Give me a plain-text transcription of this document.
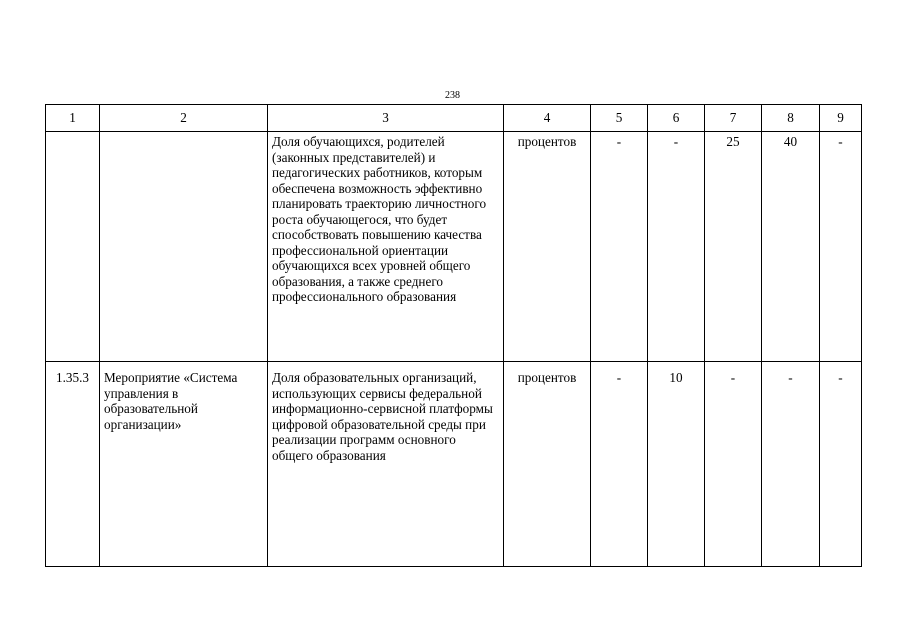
238
1	2	3	4	5	6	7	8	9
		Доля обучающихся, родителей (законных представителей) и педагогических работников, которым обеспечена возможность эффективно планировать траекторию личностного роста обучающегося, что будет способствовать повышению качества профессиональной ориентации обучающихся всех уровней общего образования, а также среднего профессионального образования	процентов	-	-	25	40	-
1.35.3	Мероприятие «Система управления в образовательной организации»	Доля образовательных организаций, использующих сервисы федеральной информационно-сервисной платформы цифровой образовательной среды при реализации программ основного общего образования	процентов	-	10	-	-	-
